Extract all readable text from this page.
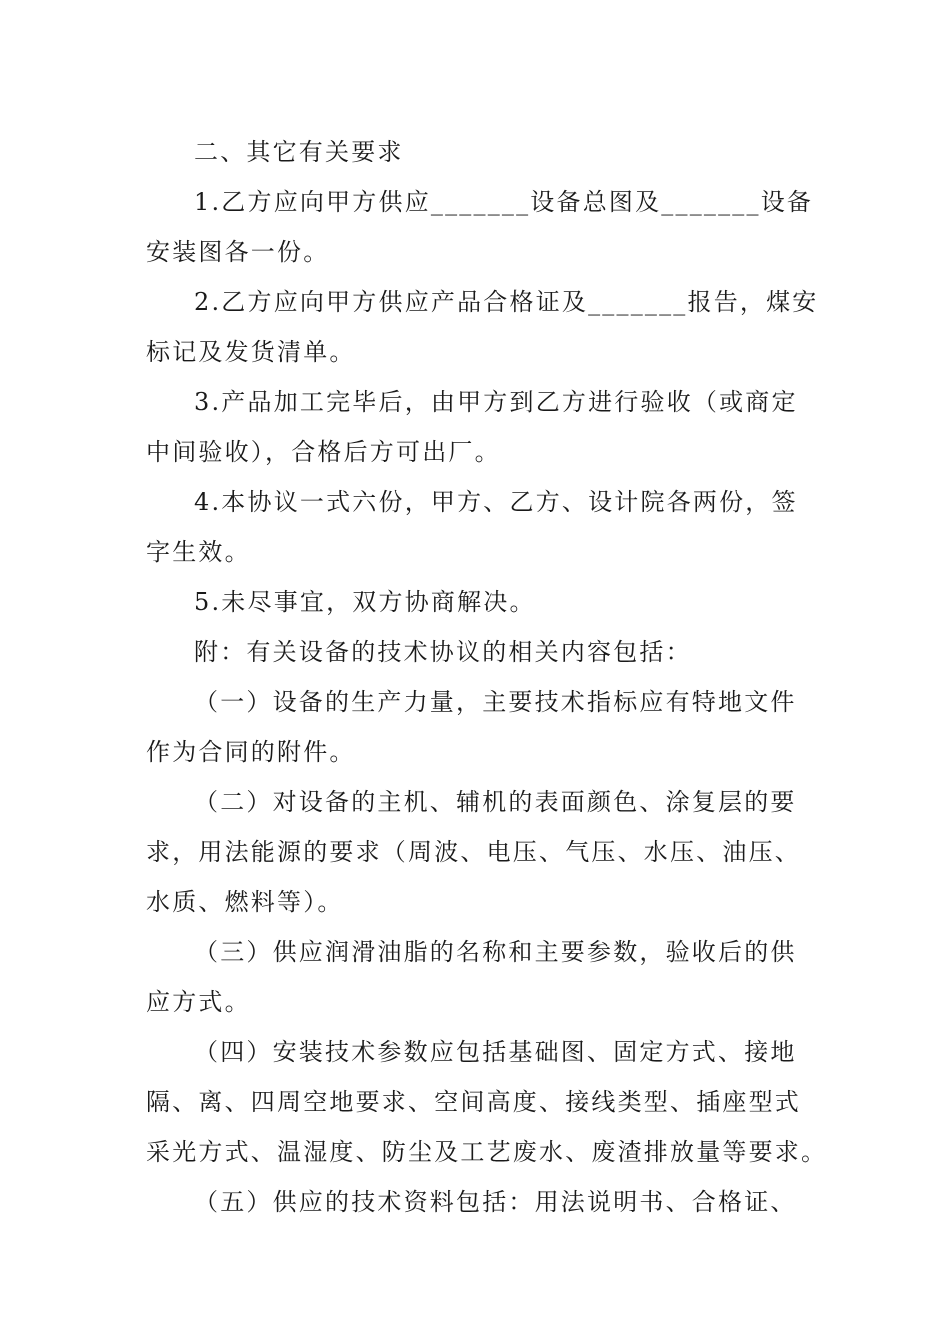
二、其它有关要求

1.乙方应向甲方供应_______设备总图及_______设备
安装图各一份。

2.乙方应向甲方供应产品合格证及_______报告，煤安
标记及发货清单。

3.产品加工完毕后，由甲方到乙方进行验收（或商定
中间验收），合格后方可出厂。

4.本协议一式六份，甲方、乙方、设计院各两份，签
字生效。

5.未尽事宜，双方协商解决。

附：有关设备的技术协议的相关内容包括：

（一）设备的生产力量，主要技术指标应有特地文件
作为合同的附件。

（二）对设备的主机、辅机的表面颜色、涂复层的要
求，用法能源的要求（周波、电压、气压、水压、油压、
水质、燃料等）。

（三）供应润滑油脂的名称和主要参数，验收后的供
应方式。

（四）安装技术参数应包括基础图、固定方式、接地
隔、离、四周空地要求、空间高度、接线类型、插座型式
采光方式、温湿度、防尘及工艺废水、废渣排放量等要求。

（五）供应的技术资料包括：用法说明书、合格证、
